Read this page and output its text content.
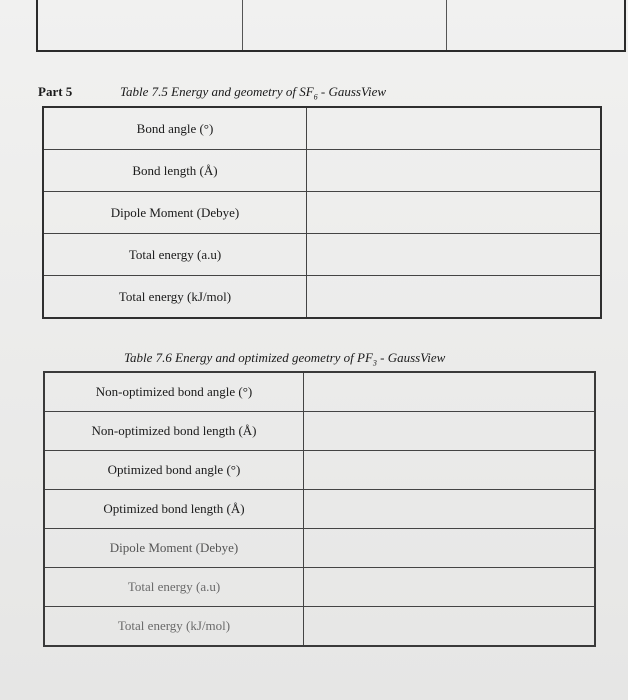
Part 5	Table 7.5 Energy and geometry of $SF_6$ - GaussView
Bond angle (°)	
Bond length (Å)	
Dipole Moment (Debye)	
Total energy (a.u)	
Total energy (kJ/mol)	
Table 7.6 Energy and optimized geometry of $PF_3$ - GaussView
Non-optimized bond angle (°)	
Non-optimized bond length (Å)	
Optimized bond angle (°)	
Optimized bond length (Å)	
Dipole Moment (Debye)	
Total energy (a.u)	
Total energy (kJ/mol)	
